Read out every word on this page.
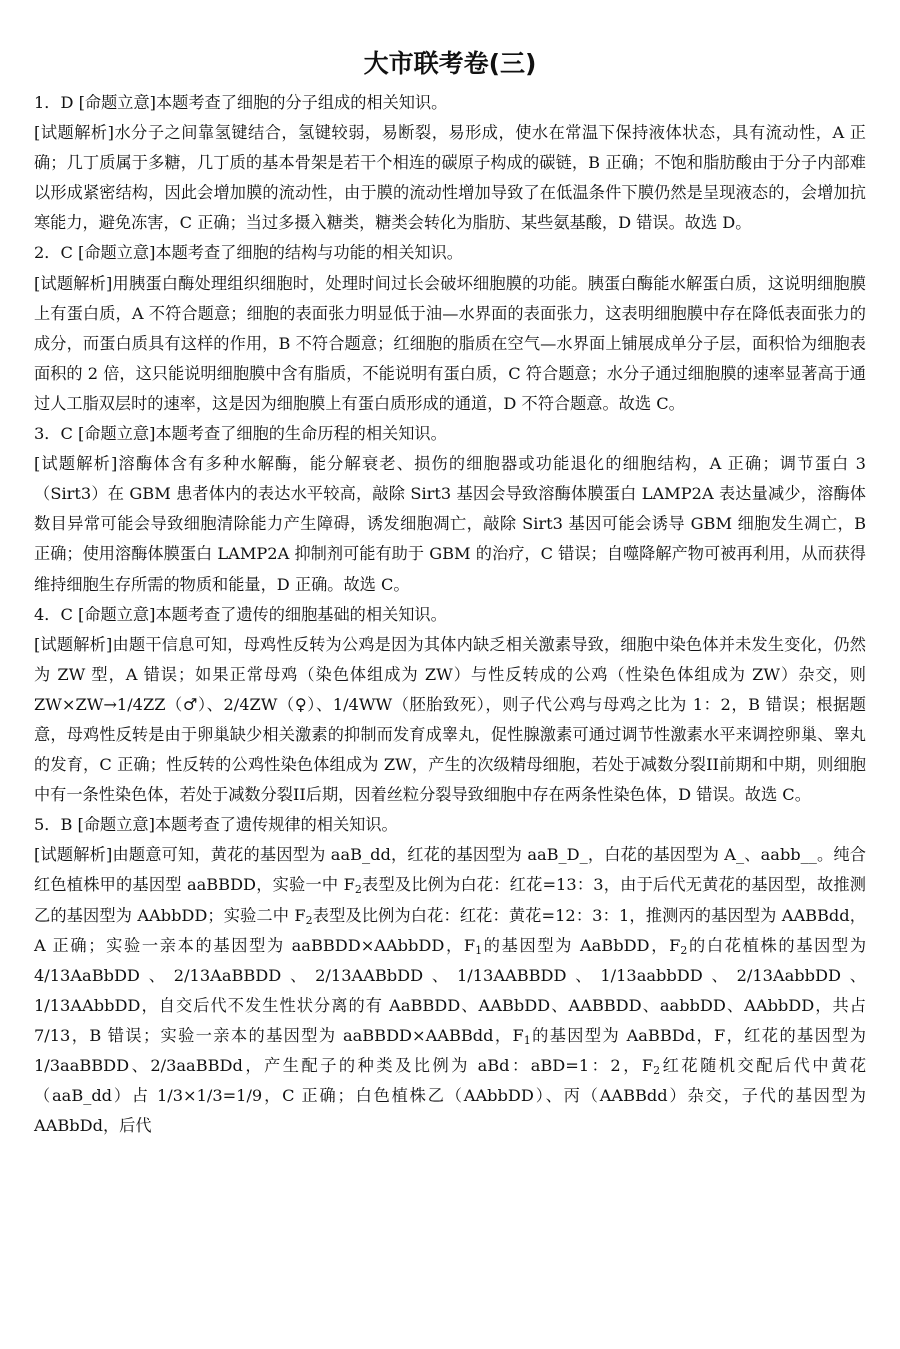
大市联考卷(三)

1．D [命题立意]本题考查了细胞的分子组成的相关知识。

[试题解析]水分子之间靠氢键结合，氢键较弱，易断裂，易形成，使水在常温下保持液体状态，具有流动性，A 正确；几丁质属于多糖，几丁质的基本骨架是若干个相连的碳原子构成的碳链，B 正确；不饱和脂肪酸由于分子内部难以形成紧密结构，因此会增加膜的流动性，由于膜的流动性增加导致了在低温条件下膜仍然是呈现液态的，会增加抗寒能力，避免冻害，C 正确；当过多摄入糖类，糖类会转化为脂肪、某些氨基酸，D 错误。故选 D。

2．C [命题立意]本题考查了细胞的结构与功能的相关知识。

[试题解析]用胰蛋白酶处理组织细胞时，处理时间过长会破坏细胞膜的功能。胰蛋白酶能水解蛋白质，这说明细胞膜上有蛋白质，A 不符合题意；细胞的表面张力明显低于油—水界面的表面张力，这表明细胞膜中存在降低表面张力的成分，而蛋白质具有这样的作用，B 不符合题意；红细胞的脂质在空气—水界面上铺展成单分子层，面积恰为细胞表面积的 2 倍，这只能说明细胞膜中含有脂质，不能说明有蛋白质，C 符合题意；水分子通过细胞膜的速率显著高于通过人工脂双层时的速率，这是因为细胞膜上有蛋白质形成的通道，D 不符合题意。故选 C。

3．C [命题立意]本题考查了细胞的生命历程的相关知识。

[试题解析]溶酶体含有多种水解酶，能分解衰老、损伤的细胞器或功能退化的细胞结构，A 正确；调节蛋白 3（Sirt3）在 GBM 患者体内的表达水平较高，敲除 Sirt3 基因会导致溶酶体膜蛋白 LAMP2A 表达量减少，溶酶体数目异常可能会导致细胞清除能力产生障碍，诱发细胞凋亡，敲除 Sirt3 基因可能会诱导 GBM 细胞发生凋亡，B 正确；使用溶酶体膜蛋白 LAMP2A 抑制剂可能有助于 GBM 的治疗，C 错误；自噬降解产物可被再利用，从而获得维持细胞生存所需的物质和能量，D 正确。故选 C。

4．C [命题立意]本题考查了遗传的细胞基础的相关知识。

[试题解析]由题干信息可知，母鸡性反转为公鸡是因为其体内缺乏相关激素导致，细胞中染色体并未发生变化，仍然为 ZW 型，A 错误；如果正常母鸡（染色体组成为 ZW）与性反转成的公鸡（性染色体组成为 ZW）杂交，则 ZW×ZW→1/4ZZ（♂）、2/4ZW（♀）、1/4WW（胚胎致死），则子代公鸡与母鸡之比为 1：2，B 错误；根据题意，母鸡性反转是由于卵巢缺少相关激素的抑制而发育成睾丸，促性腺激素可通过调节性激素水平来调控卵巢、睾丸的发育，C 正确；性反转的公鸡性染色体组成为 ZW，产生的次级精母细胞，若处于减数分裂II前期和中期，则细胞中有一条性染色体，若处于减数分裂II后期，因着丝粒分裂导致细胞中存在两条性染色体，D 错误。故选 C。

5．B [命题立意]本题考查了遗传规律的相关知识。

[试题解析]由题意可知，黄花的基因型为 aaB_dd，红花的基因型为 aaB_D_，白花的基因型为 A_、aabb__。纯合红色植株甲的基因型 aaBBDD，实验一中 $F_2$表型及比例为白花：红花=13：3，由于后代无黄花的基因型，故推测乙的基因型为 AAbbDD；实验二中 $F_2$表型及比例为白花：红花：黄花=12：3：1，推测丙的基因型为 AABBdd，A 正确；实验一亲本的基因型为 aaBBDD×AAbbDD，$F_1$的基因型为 AaBbDD，$F_2$的白花植株的基因型为 4/13AaBbDD、2/13AaBBDD、2/13AABbDD、1/13AABBDD、1/13aabbDD、2/13AabbDD、1/13AAbbDD，自交后代不发生性状分离的有 AaBBDD、AABbDD、AABBDD、aabbDD、AAbbDD，共占 7/13，B 错误；实验一亲本的基因型为 aaBBDD×AABBdd，$F_1$的基因型为 AaBBDd，F，红花的基因型为 1/3aaBBDD、2/3aaBBDd，产生配子的种类及比例为 aBd：aBD=1：2，$F_2$红花随机交配后代中黄花（aaB_dd）占 1/3×1/3=1/9，C 正确；白色植株乙（AAbbDD）、丙（AABBdd）杂交，子代的基因型为 AABbDd，后代
